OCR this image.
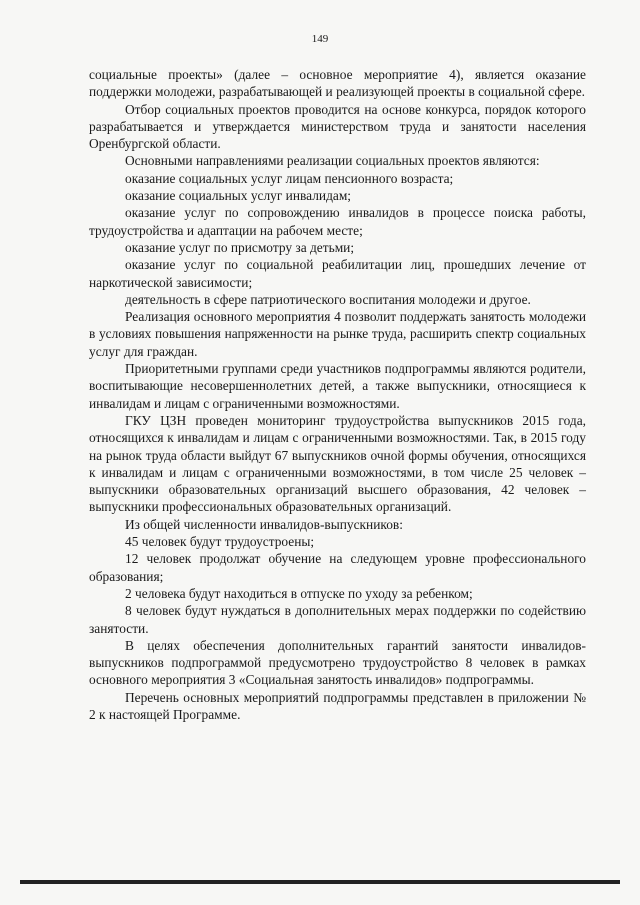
149

социальные проекты» (далее – основное мероприятие 4), является оказание поддержки молодежи, разрабатывающей и реализующей проекты в социальной сфере.

Отбор социальных проектов проводится на основе конкурса, порядок которого разрабатывается и утверждается министерством труда и занятости населения Оренбургской области.

Основными направлениями реализации социальных проектов являются:

оказание социальных услуг лицам пенсионного возраста;

оказание социальных услуг инвалидам;

оказание услуг по сопровождению инвалидов в процессе поиска работы, трудоустройства и адаптации на рабочем месте;

оказание услуг по присмотру за детьми;

оказание услуг по социальной реабилитации лиц, прошедших лечение от наркотической зависимости;

деятельность в сфере патриотического воспитания молодежи и другое.

Реализация основного мероприятия 4 позволит поддержать занятость молодежи в условиях повышения напряженности на рынке труда, расширить спектр социальных услуг для граждан.

Приоритетными группами среди участников подпрограммы являются родители, воспитывающие несовершеннолетних детей, а также выпускники, относящиеся к инвалидам и лицам с ограниченными возможностями.

ГКУ ЦЗН проведен мониторинг трудоустройства выпускников 2015 года, относящихся к инвалидам и лицам с ограниченными возможностями. Так, в 2015 году на рынок труда области выйдут 67 выпускников очной формы обучения, относящихся к инвалидам и лицам с ограниченными возможностями, в том числе 25 человек – выпускники образовательных организаций высшего образования, 42 человек – выпускники профессиональных образовательных организаций.

Из общей численности инвалидов-выпускников:

45 человек будут трудоустроены;

12 человек продолжат обучение на следующем уровне профессионального образования;

2 человека будут находиться в отпуске по уходу за ребенком;

8 человек будут нуждаться в дополнительных мерах поддержки по содействию занятости.

В целях обеспечения дополнительных гарантий занятости инвалидов-выпускников подпрограммой предусмотрено трудоустройство 8 человек в рамках основного мероприятия 3 «Социальная занятость инвалидов» подпрограммы.

Перечень основных мероприятий подпрограммы представлен в приложении № 2 к настоящей Программе.
